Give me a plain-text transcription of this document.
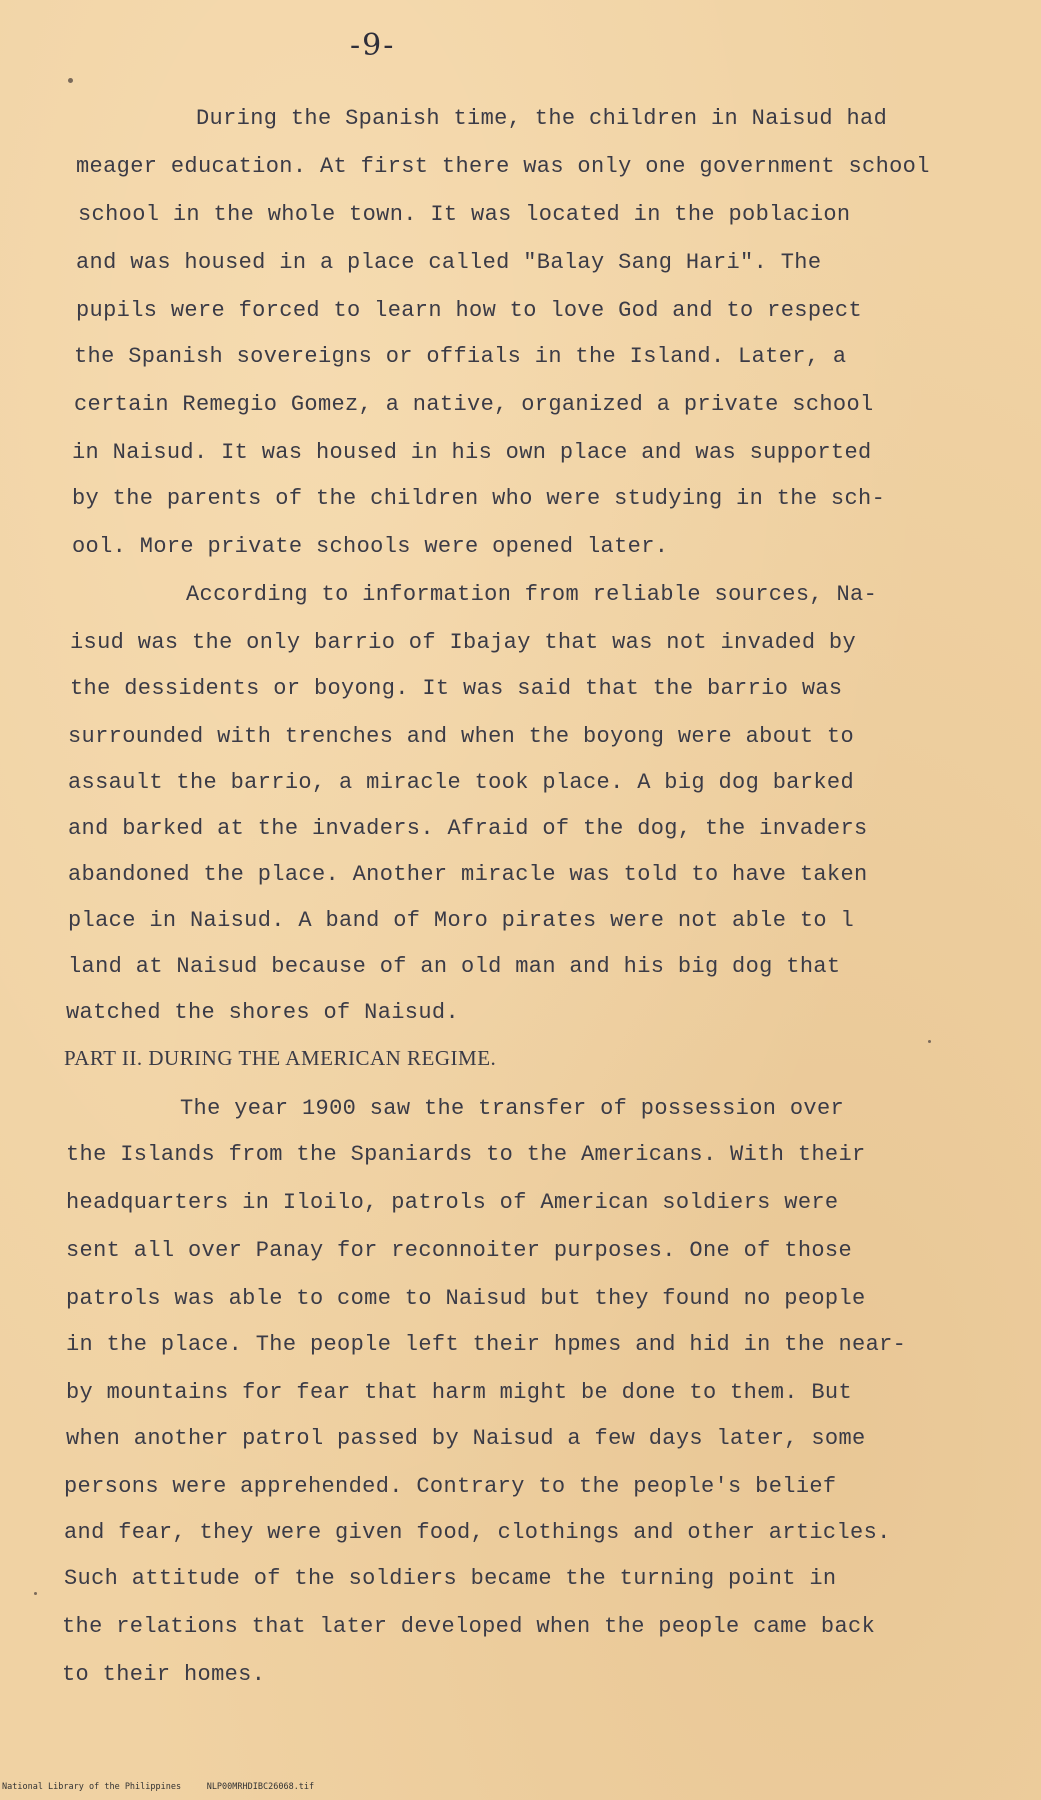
-9-
During the Spanish time, the children in Naisud had
meager education. At first there was only one government school
school in the whole town. It was located in the poblacion
and was housed in a place called "Balay Sang Hari". The
pupils were forced to learn how to love God and to respect
the Spanish sovereigns or offials in the Island. Later, a
certain Remegio Gomez, a native, organized a private school
in Naisud. It was housed in his own place and was supported
by the parents of the children who were studying in the sch-
ool. More private schools were opened later.
According to information from reliable sources, Na-
isud was the only barrio of Ibajay that was not invaded by
the dessidents or boyong. It was said that the barrio was
surrounded with trenches and when the boyong were about to
assault the barrio, a miracle took place. A big dog barked
and barked at the invaders. Afraid of the dog, the invaders
abandoned the place. Another miracle was told to have taken
place in Naisud. A band of Moro pirates were not able to l
land at Naisud because of an old man and his big dog that
watched the shores of Naisud.
PART II. DURING THE AMERICAN REGIME.
The year 1900 saw the transfer of possession over
the Islands from the Spaniards to the Americans. With their
headquarters in Iloilo, patrols of American soldiers were
sent all over Panay for reconnoiter purposes. One of those
patrols was able to come to Naisud but they found no people
in the place. The people left their hpmes and hid in the near-
by mountains for fear that harm might be done to them. But
when another patrol passed by Naisud a few days later, some
persons were apprehended. Contrary to the people's belief
and fear, they were given food, clothings and other articles.
Such attitude of the soldiers became the turning point in
the relations that later developed when the people came back
to their homes.
National Library of the Philippines     NLP00MRHDIBC26068.tif
